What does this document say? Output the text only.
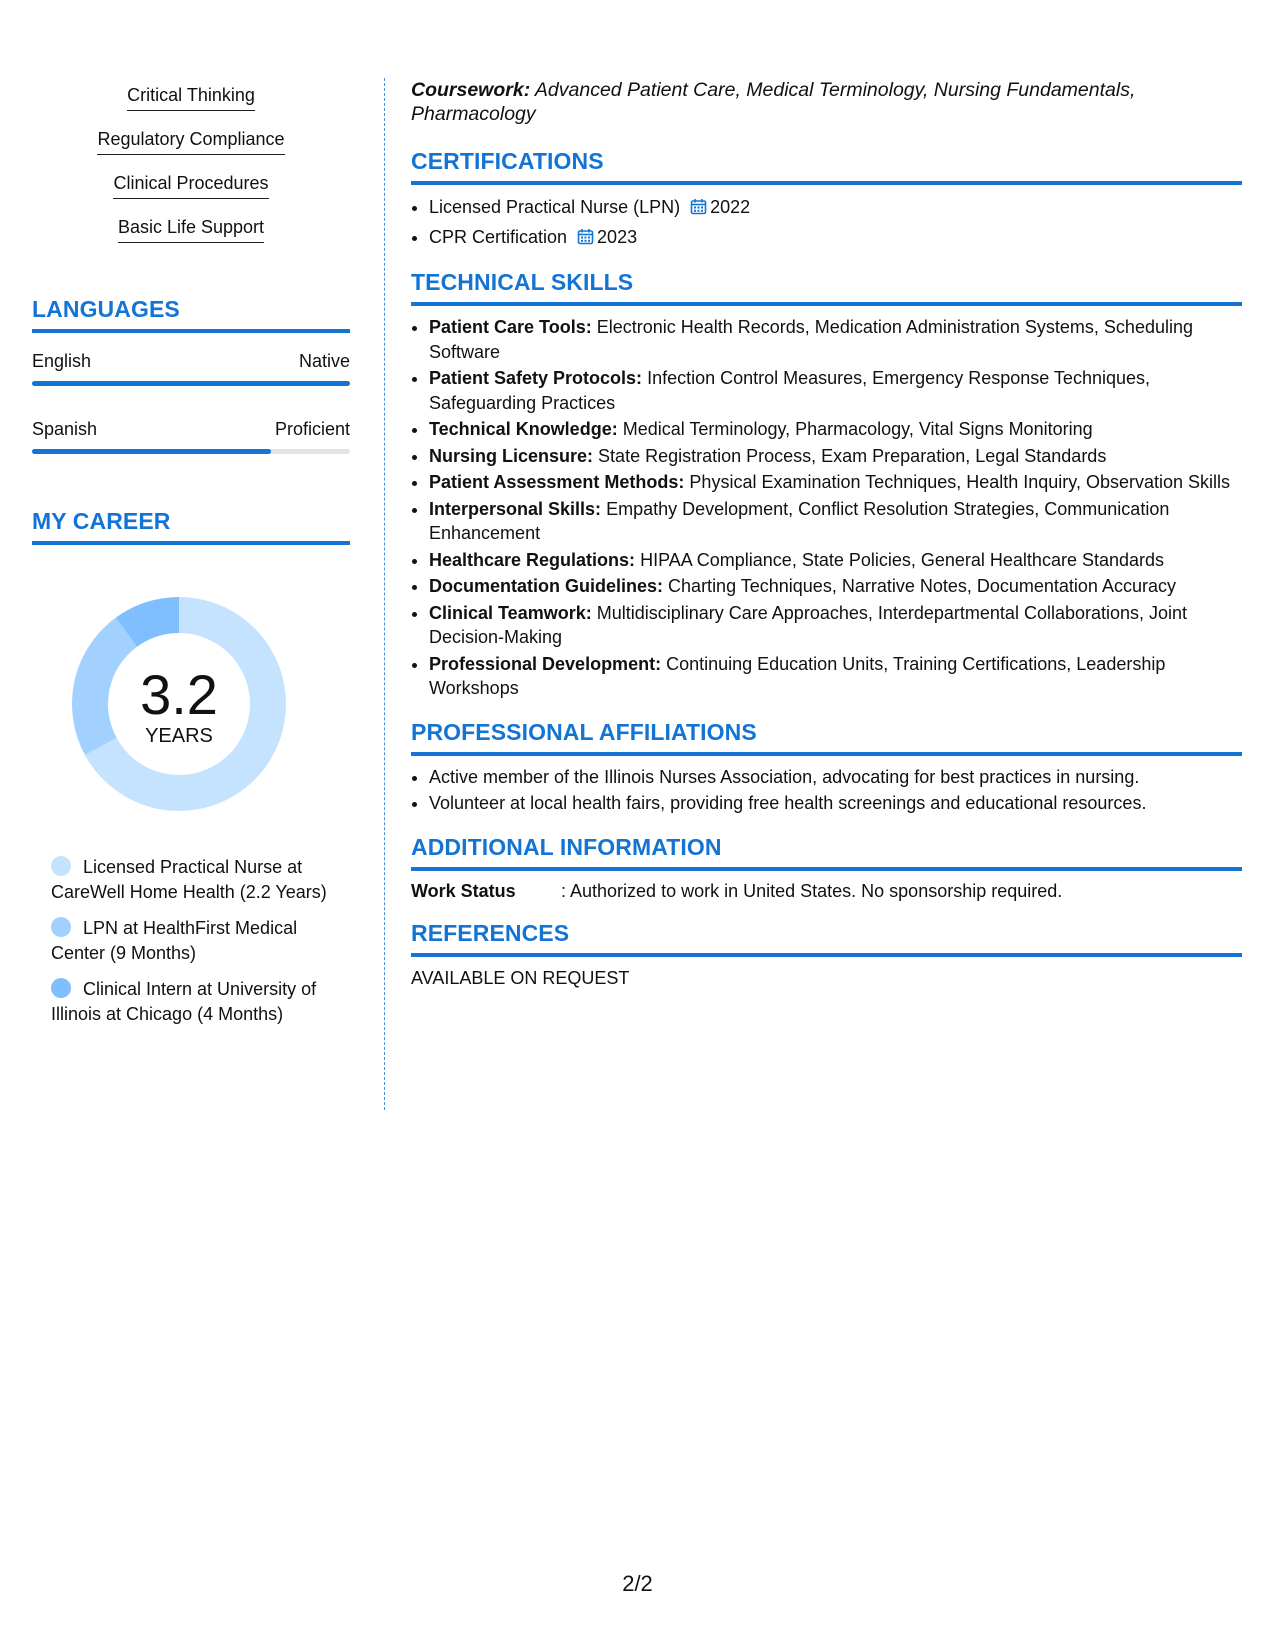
Critical Thinking
Regulatory Compliance
Clinical Procedures
Basic Life Support
LANGUAGES
English	Native
Spanish	Proficient
MY CAREER
3.2
YEARS
Licensed Practical Nurse at CareWell Home Health (2.2 Years)
LPN at HealthFirst Medical Center (9 Months)
Clinical Intern at University of Illinois at Chicago (4 Months)
Coursework: Advanced Patient Care, Medical Terminology, Nursing Fundamentals, Pharmacology
CERTIFICATIONS
• Licensed Practical Nurse (LPN) 2022
• CPR Certification 2023
TECHNICAL SKILLS
• Patient Care Tools: Electronic Health Records, Medication Administration Systems, Scheduling Software
• Patient Safety Protocols: Infection Control Measures, Emergency Response Techniques, Safeguarding Practices
• Technical Knowledge: Medical Terminology, Pharmacology, Vital Signs Monitoring
• Nursing Licensure: State Registration Process, Exam Preparation, Legal Standards
• Patient Assessment Methods: Physical Examination Techniques, Health Inquiry, Observation Skills
• Interpersonal Skills: Empathy Development, Conflict Resolution Strategies, Communication Enhancement
• Healthcare Regulations: HIPAA Compliance, State Policies, General Healthcare Standards
• Documentation Guidelines: Charting Techniques, Narrative Notes, Documentation Accuracy
• Clinical Teamwork: Multidisciplinary Care Approaches, Interdepartmental Collaborations, Joint Decision-Making
• Professional Development: Continuing Education Units, Training Certifications, Leadership Workshops
PROFESSIONAL AFFILIATIONS
• Active member of the Illinois Nurses Association, advocating for best practices in nursing.
• Volunteer at local health fairs, providing free health screenings and educational resources.
ADDITIONAL INFORMATION
Work Status	: Authorized to work in United States. No sponsorship required.
REFERENCES
AVAILABLE ON REQUEST
2/2
